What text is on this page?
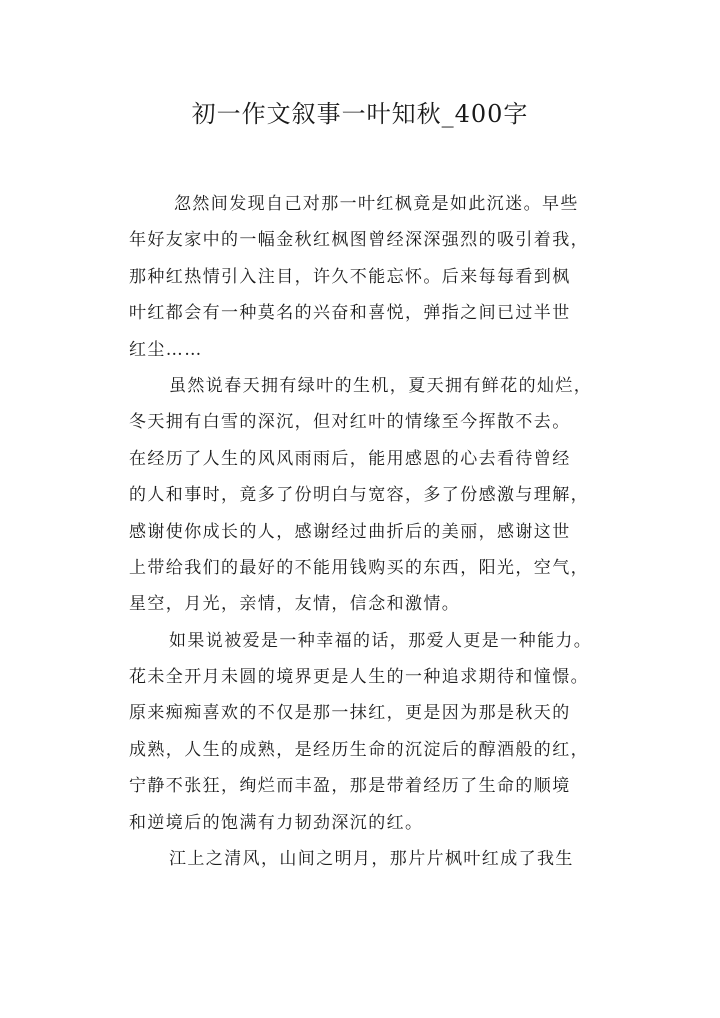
初一作文叙事一叶知秋_400字

忽然间发现自己对那一叶红枫竟是如此沉迷。早些

年好友家中的一幅金秋红枫图曾经深深强烈的吸引着我，

那种红热情引入注目，许久不能忘怀。后来每每看到枫

叶红都会有一种莫名的兴奋和喜悦，弹指之间已过半世

红尘……

虽然说春天拥有绿叶的生机，夏天拥有鲜花的灿烂，

冬天拥有白雪的深沉，但对红叶的情缘至今挥散不去。

在经历了人生的风风雨雨后，能用感恩的心去看待曾经

的人和事时，竟多了份明白与宽容，多了份感激与理解，

感谢使你成长的人，感谢经过曲折后的美丽，感谢这世

上带给我们的最好的不能用钱购买的东西，阳光，空气，

星空，月光，亲情，友情，信念和激情。

如果说被爱是一种幸福的话，那爱人更是一种能力。

花未全开月未圆的境界更是人生的一种追求期待和憧憬。

原来痴痴喜欢的不仅是那一抹红，更是因为那是秋天的

成熟，人生的成熟，是经历生命的沉淀后的醇酒般的红，

宁静不张狂，绚烂而丰盈，那是带着经历了生命的顺境

和逆境后的饱满有力韧劲深沉的红。

江上之清风，山间之明月，那片片枫叶红成了我生
